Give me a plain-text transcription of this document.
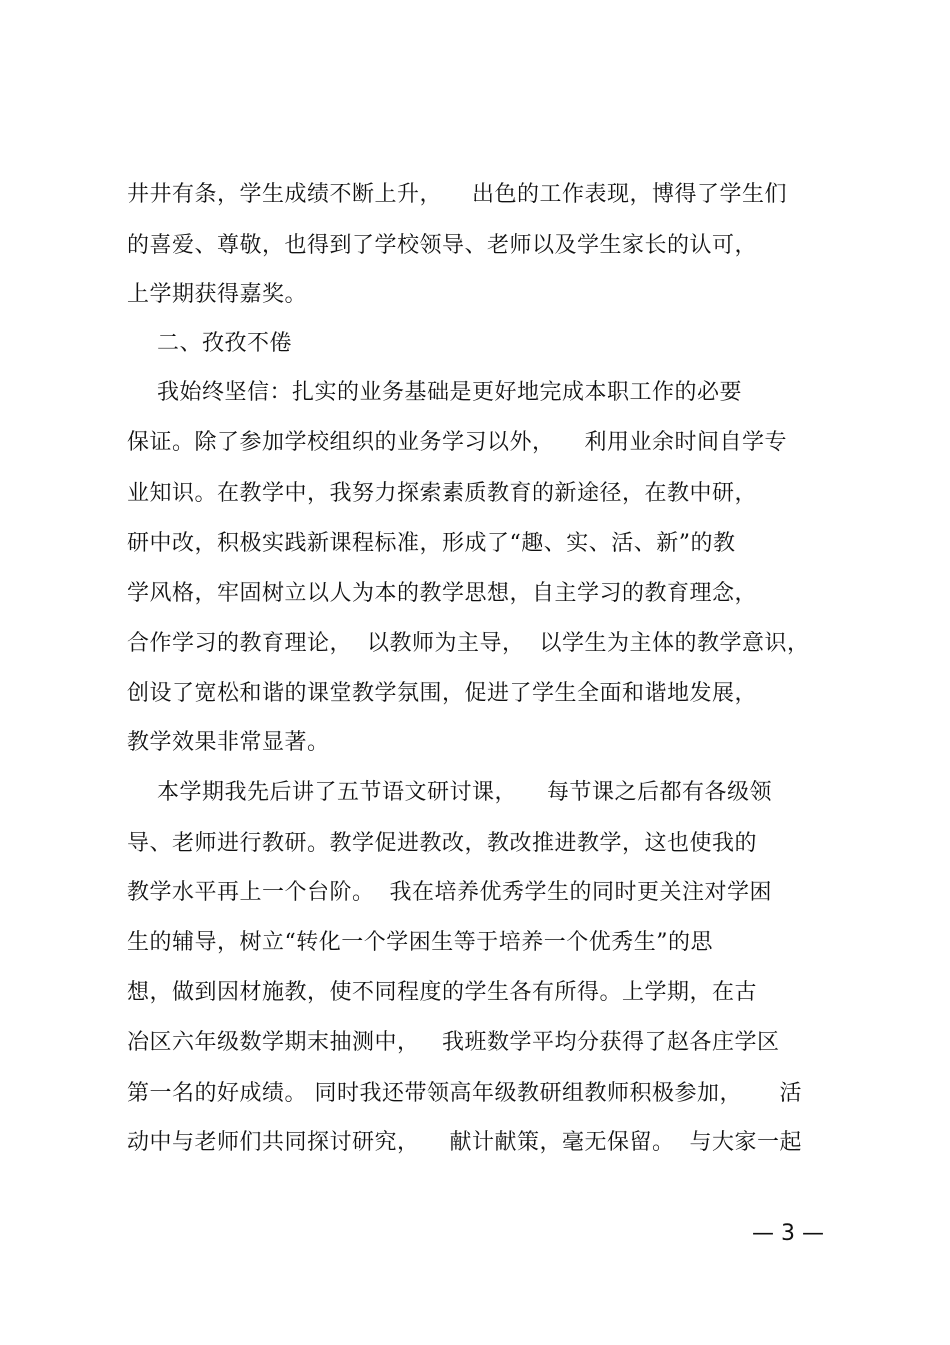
井井有条，学生成绩不断上升，    出色的工作表现，博得了学生们
的喜爱、尊敬，也得到了学校领导、老师以及学生家长的认可，
上学期获得嘉奖。
二、孜孜不倦
我始终坚信：扎实的业务基础是更好地完成本职工作的必要
保证。除了参加学校组织的业务学习以外，    利用业余时间自学专
业知识。在教学中，我努力探索素质教育的新途径，在教中研，
研中改，积极实践新课程标准，形成了“趣、实、活、新”的教
学风格，牢固树立以人为本的教学思想，自主学习的教育理念，
合作学习的教育理论，  以教师为主导，  以学生为主体的教学意识，
创设了宽松和谐的课堂教学氛围，促进了学生全面和谐地发展，
教学效果非常显著。
本学期我先后讲了五节语文研讨课，    每节课之后都有各级领
导、老师进行教研。教学促进教改，教改推进教学，这也使我的
教学水平再上一个台阶。  我在培养优秀学生的同时更关注对学困
生的辅导，树立“转化一个学困生等于培养一个优秀生”的思
想，做到因材施教，使不同程度的学生各有所得。上学期，在古
冶区六年级数学期末抽测中，   我班数学平均分获得了赵各庄学区
第一名的好成绩。 同时我还带领高年级教研组教师积极参加，     活
动中与老师们共同探讨研究，    献计献策，毫无保留。  与大家一起
— 3 —
